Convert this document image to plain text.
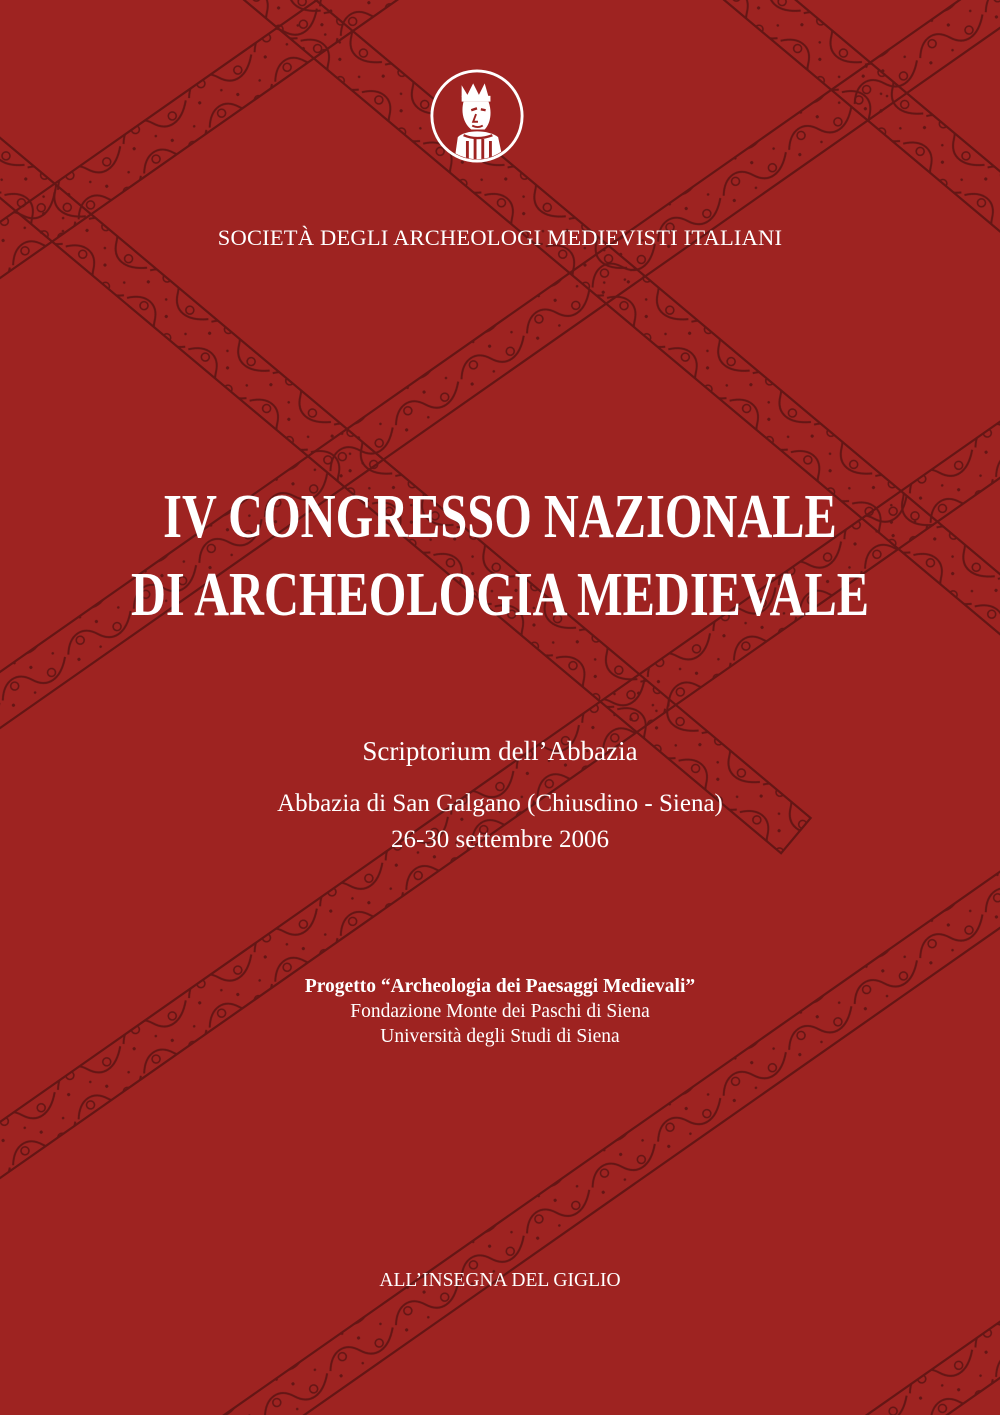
SOCIETÀ DEGLI ARCHEOLOGI MEDIEVISTI ITALIANI
IV CONGRESSO NAZIONALE
DI ARCHEOLOGIA MEDIEVALE
Scriptorium dell’Abbazia
Abbazia di San Galgano (Chiusdino - Siena)
26-30 settembre 2006
Progetto “Archeologia dei Paesaggi Medievali”
Fondazione Monte dei Paschi di Siena
Università degli Studi di Siena
ALL’INSEGNA DEL GIGLIO
